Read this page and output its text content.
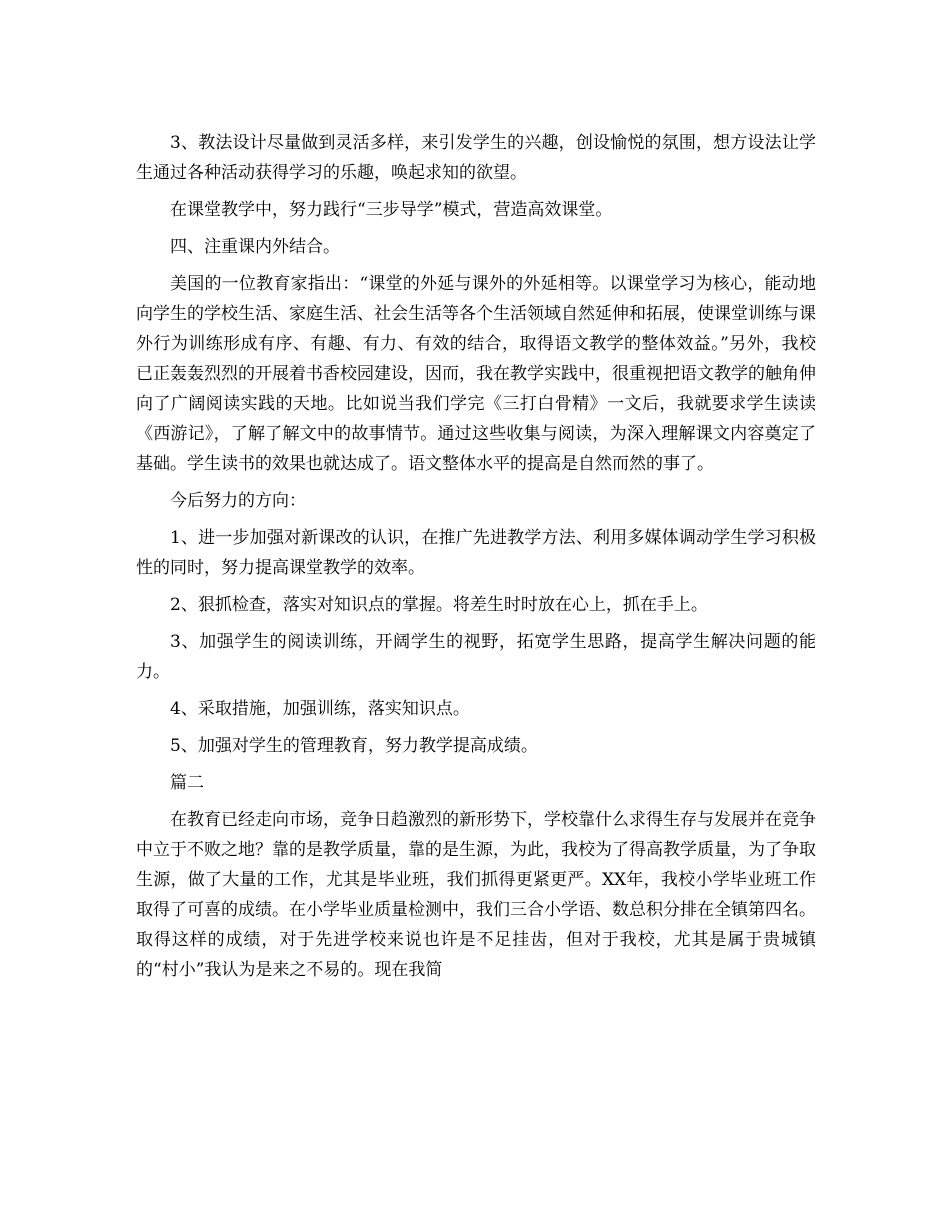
3、教法设计尽量做到灵活多样，来引发学生的兴趣，创设愉悦的氛围，想方设法让学生通过各种活动获得学习的乐趣，唤起求知的欲望。

在课堂教学中，努力践行“三步导学”模式，营造高效课堂。

四、注重课内外结合。

美国的一位教育家指出：“课堂的外延与课外的外延相等。以课堂学习为核心，能动地向学生的学校生活、家庭生活、社会生活等各个生活领域自然延伸和拓展，使课堂训练与课外行为训练形成有序、有趣、有力、有效的结合，取得语文教学的整体效益。”另外，我校已正轰轰烈烈的开展着书香校园建设，因而，我在教学实践中，很重视把语文教学的触角伸向了广阔阅读实践的天地。比如说当我们学完《三打白骨精》一文后，我就要求学生读读《西游记》，了解了解文中的故事情节。通过这些收集与阅读，为深入理解课文内容奠定了基础。学生读书的效果也就达成了。语文整体水平的提高是自然而然的事了。

今后努力的方向：

1、进一步加强对新课改的认识，在推广先进教学方法、利用多媒体调动学生学习积极性的同时，努力提高课堂教学的效率。

2、狠抓检查，落实对知识点的掌握。将差生时时放在心上，抓在手上。

3、加强学生的阅读训练，开阔学生的视野，拓宽学生思路，提高学生解决问题的能力。

4、采取措施，加强训练，落实知识点。

5、加强对学生的管理教育，努力教学提高成绩。

篇二

在教育已经走向市场，竞争日趋激烈的新形势下，学校靠什么求得生存与发展并在竞争中立于不败之地？靠的是教学质量，靠的是生源，为此，我校为了得高教学质量，为了争取生源，做了大量的工作，尤其是毕业班，我们抓得更紧更严。XX年，我校小学毕业班工作取得了可喜的成绩。在小学毕业质量检测中，我们三合小学语、数总积分排在全镇第四名。取得这样的成绩，对于先进学校来说也许是不足挂齿，但对于我校，尤其是属于贵城镇的“村小”我认为是来之不易的。现在我简
